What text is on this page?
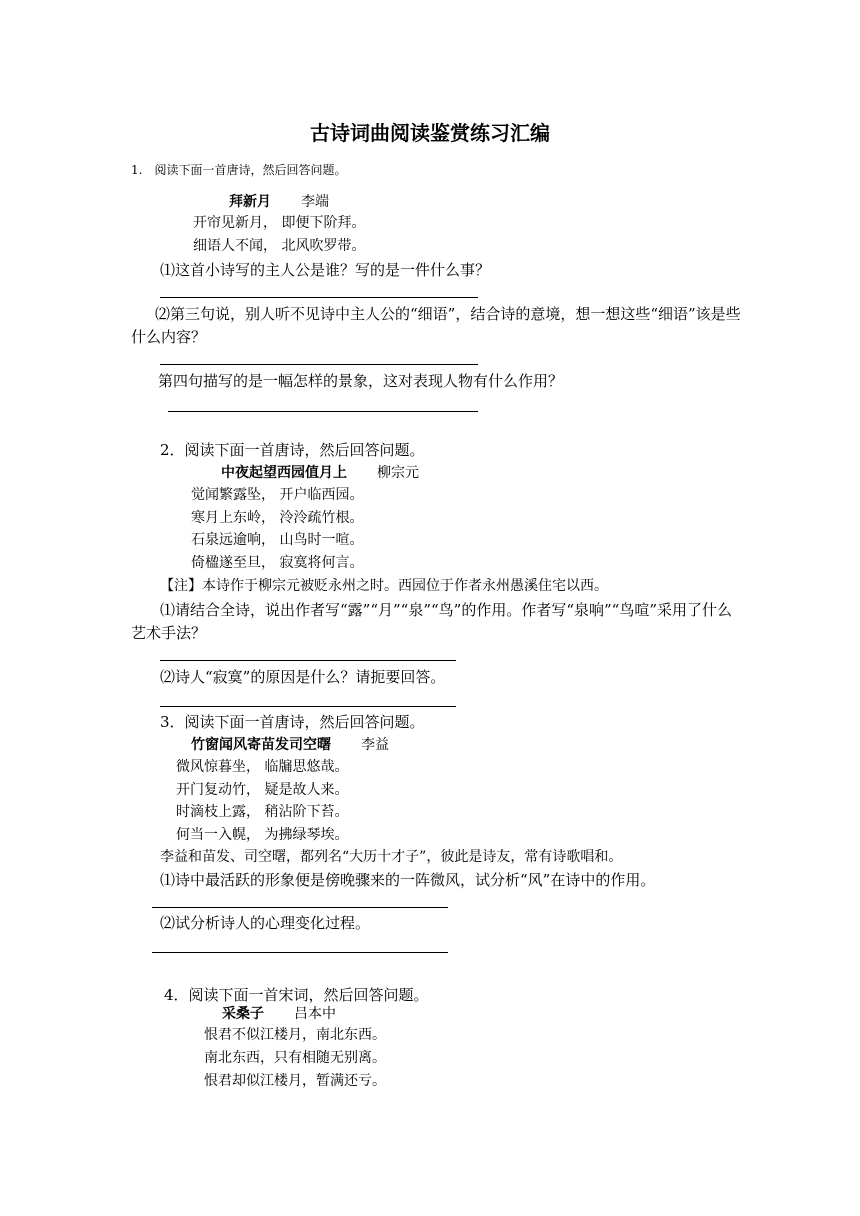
古诗词曲阅读鉴赏练习汇编
1.　阅读下面一首唐诗，然后回答问题。
拜新月 李端
开帘见新月， 即便下阶拜。
细语人不闻， 北风吹罗带。
⑴这首小诗写的主人公是谁？写的是一件什么事？
⑵第三句说，别人听不见诗中主人公的“细语”，结合诗的意境，想一想这些“细语”该是些什么内容？
第四句描写的是一幅怎样的景象，这对表现人物有什么作用？
2．阅读下面一首唐诗，然后回答问题。
中夜起望西园值月上 柳宗元
觉闻繁露坠， 开户临西园。
寒月上东岭， 泠泠疏竹根。
石泉远逾响， 山鸟时一喧。
倚楹遂至旦， 寂寞将何言。
【注】本诗作于柳宗元被贬永州之时。西园位于作者永州愚溪住宅以西。
⑴请结合全诗，说出作者写“露”“月”“泉”“鸟”的作用。作者写“泉响”“鸟喧”采用了什么艺术手法？
⑵诗人“寂寞”的原因是什么？请扼要回答。
3．阅读下面一首唐诗，然后回答问题。
竹窗闻风寄苗发司空曙 李益
微风惊暮坐， 临牖思悠哉。
开门复动竹， 疑是故人来。
时滴枝上露， 稍沾阶下苔。
何当一入幌， 为拂绿琴埃。
李益和苗发、司空曙，都列名“大历十才子”，彼此是诗友，常有诗歌唱和。
⑴诗中最活跃的形象便是傍晚骤来的一阵微风，试分析“风”在诗中的作用。
⑵试分析诗人的心理变化过程。
4．阅读下面一首宋词，然后回答问题。
采桑子 吕本中
恨君不似江楼月，南北东西。
南北东西，只有相随无别离。
恨君却似江楼月，暂满还亏。
